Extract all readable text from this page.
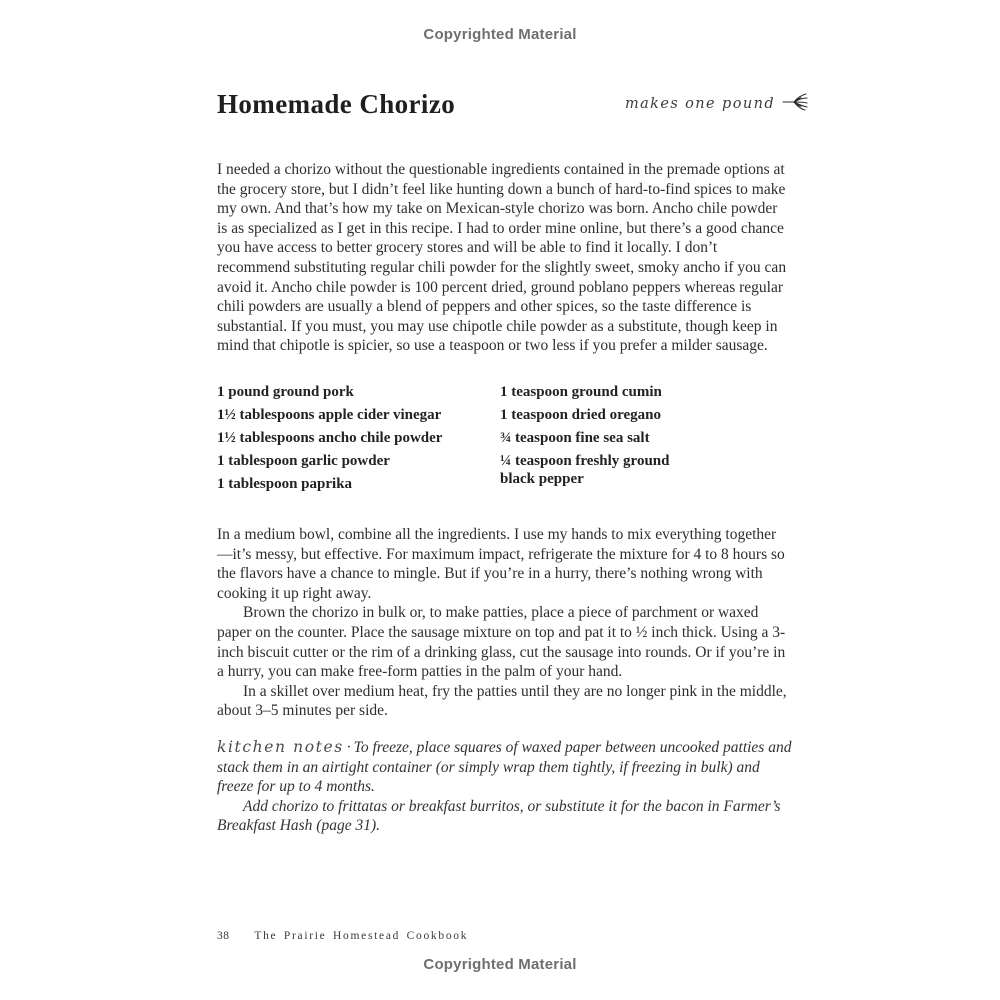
Copyrighted Material
Homemade Chorizo	makes one pound

I needed a chorizo without the questionable ingredients contained in the premade options at the grocery store, but I didn’t feel like hunting down a bunch of hard-to-find spices to make my own. And that’s how my take on Mexican-style chorizo was born. Ancho chile powder is as specialized as I get in this recipe. I had to order mine online, but there’s a good chance you have access to better grocery stores and will be able to find it locally. I don’t recommend substituting regular chili powder for the slightly sweet, smoky ancho if you can avoid it. Ancho chile powder is 100 percent dried, ground poblano peppers whereas regular chili powders are usually a blend of peppers and other spices, so the taste difference is substantial. If you must, you may use chipotle chile powder as a substitute, though keep in mind that chipotle is spicier, so use a teaspoon or two less if you prefer a milder sausage.

1 pound ground pork
1½ tablespoons apple cider vinegar
1½ tablespoons ancho chile powder
1 tablespoon garlic powder
1 tablespoon paprika
1 teaspoon ground cumin
1 teaspoon dried oregano
¾ teaspoon fine sea salt
¼ teaspoon freshly ground black pepper

In a medium bowl, combine all the ingredients. I use my hands to mix everything together—it’s messy, but effective. For maximum impact, refrigerate the mixture for 4 to 8 hours so the flavors have a chance to mingle. But if you’re in a hurry, there’s nothing wrong with cooking it up right away.

Brown the chorizo in bulk or, to make patties, place a piece of parchment or waxed paper on the counter. Place the sausage mixture on top and pat it to ½ inch thick. Using a 3-inch biscuit cutter or the rim of a drinking glass, cut the sausage into rounds. Or if you’re in a hurry, you can make free-form patties in the palm of your hand.

In a skillet over medium heat, fry the patties until they are no longer pink in the middle, about 3–5 minutes per side.

kitchen notes · To freeze, place squares of waxed paper between uncooked patties and stack them in an airtight container (or simply wrap them tightly, if freezing in bulk) and freeze for up to 4 months.

Add chorizo to frittatas or breakfast burritos, or substitute it for the bacon in Farmer’s Breakfast Hash (page 31).

38 The Prairie Homestead Cookbook
Copyrighted Material
